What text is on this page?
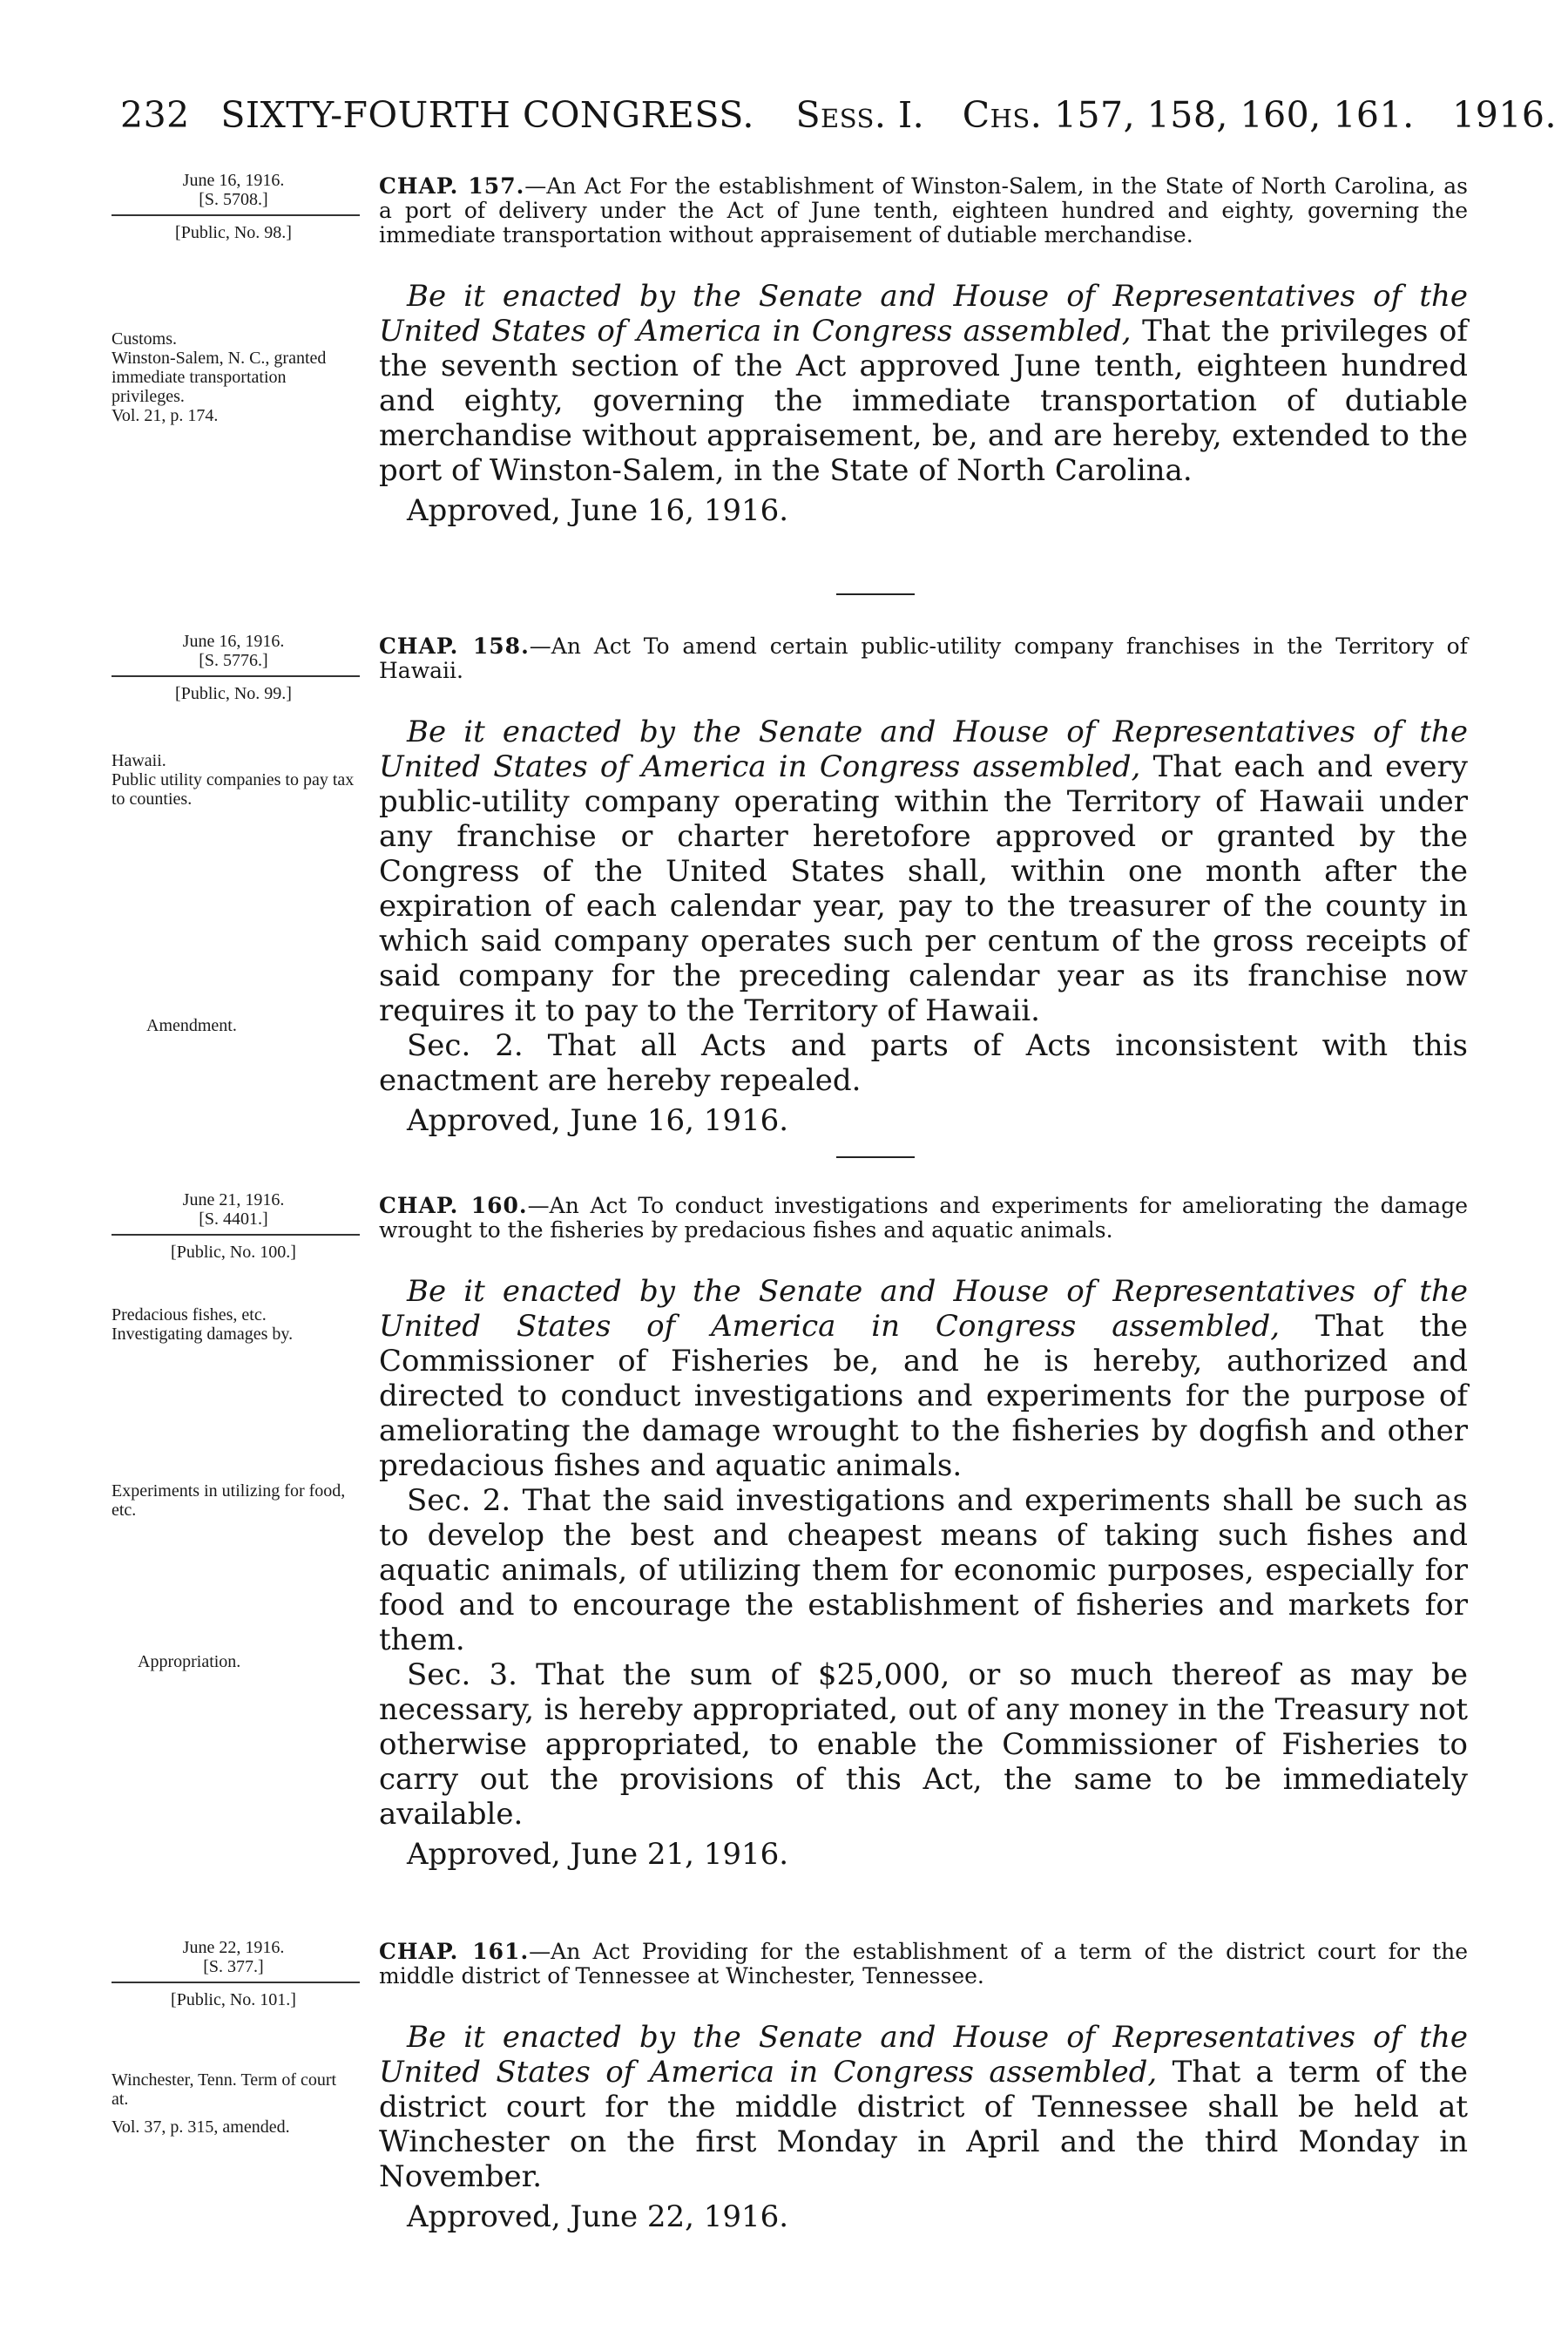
232 SIXTY-FOURTH CONGRESS. Sess. I. Chs. 157, 158, 160, 161. 1916.
June 16, 1916.
[S. 5708.]
[Public, No. 98.]
Customs.
Winston-Salem, N. C., granted immediate transportation privileges.
Vol. 21, p. 174.
CHAP. 157.—An Act For the establishment of Winston-Salem, in the State of North Carolina, as a port of delivery under the Act of June tenth, eighteen hundred and eighty, governing the immediate transportation without appraisement of dutiable merchandise.

Be it enacted by the Senate and House of Representatives of the United States of America in Congress assembled, That the privileges of the seventh section of the Act approved June tenth, eighteen hundred and eighty, governing the immediate transportation of dutiable merchandise without appraisement, be, and are hereby, extended to the port of Winston-Salem, in the State of North Carolina.

Approved, June 16, 1916.

June 16, 1916.
[S. 5776.]
[Public, No. 99.]
Hawaii.
Public utility companies to pay tax to counties.
Amendment.
CHAP. 158.—An Act To amend certain public-utility company franchises in the Territory of Hawaii.

Be it enacted by the Senate and House of Representatives of the United States of America in Congress assembled, That each and every public-utility company operating within the Territory of Hawaii under any franchise or charter heretofore approved or granted by the Congress of the United States shall, within one month after the expiration of each calendar year, pay to the treasurer of the county in which said company operates such per centum of the gross receipts of said company for the preceding calendar year as its franchise now requires it to pay to the Territory of Hawaii.

Sec. 2. That all Acts and parts of Acts inconsistent with this enactment are hereby repealed.

Approved, June 16, 1916.

June 21, 1916.
[S. 4401.]
[Public, No. 100.]
Predacious fishes, etc. Investigating damages by.
Experiments in utilizing for food, etc.
Appropriation.
CHAP. 160.—An Act To conduct investigations and experiments for ameliorating the damage wrought to the fisheries by predacious fishes and aquatic animals.

Be it enacted by the Senate and House of Representatives of the United States of America in Congress assembled, That the Commissioner of Fisheries be, and he is hereby, authorized and directed to conduct investigations and experiments for the purpose of ameliorating the damage wrought to the fisheries by dogfish and other predacious fishes and aquatic animals.

Sec. 2. That the said investigations and experiments shall be such as to develop the best and cheapest means of taking such fishes and aquatic animals, of utilizing them for economic purposes, especially for food and to encourage the establishment of fisheries and markets for them.

Sec. 3. That the sum of $25,000, or so much thereof as may be necessary, is hereby appropriated, out of any money in the Treasury not otherwise appropriated, to enable the Commissioner of Fisheries to carry out the provisions of this Act, the same to be immediately available.

Approved, June 21, 1916.

June 22, 1916.
[S. 377.]
[Public, No. 101.]
Winchester, Tenn. Term of court at.
Vol. 37, p. 315, amended.
CHAP. 161.—An Act Providing for the establishment of a term of the district court for the middle district of Tennessee at Winchester, Tennessee.

Be it enacted by the Senate and House of Representatives of the United States of America in Congress assembled, That a term of the district court for the middle district of Tennessee shall be held at Winchester on the first Monday in April and the third Monday in November.

Approved, June 22, 1916.
